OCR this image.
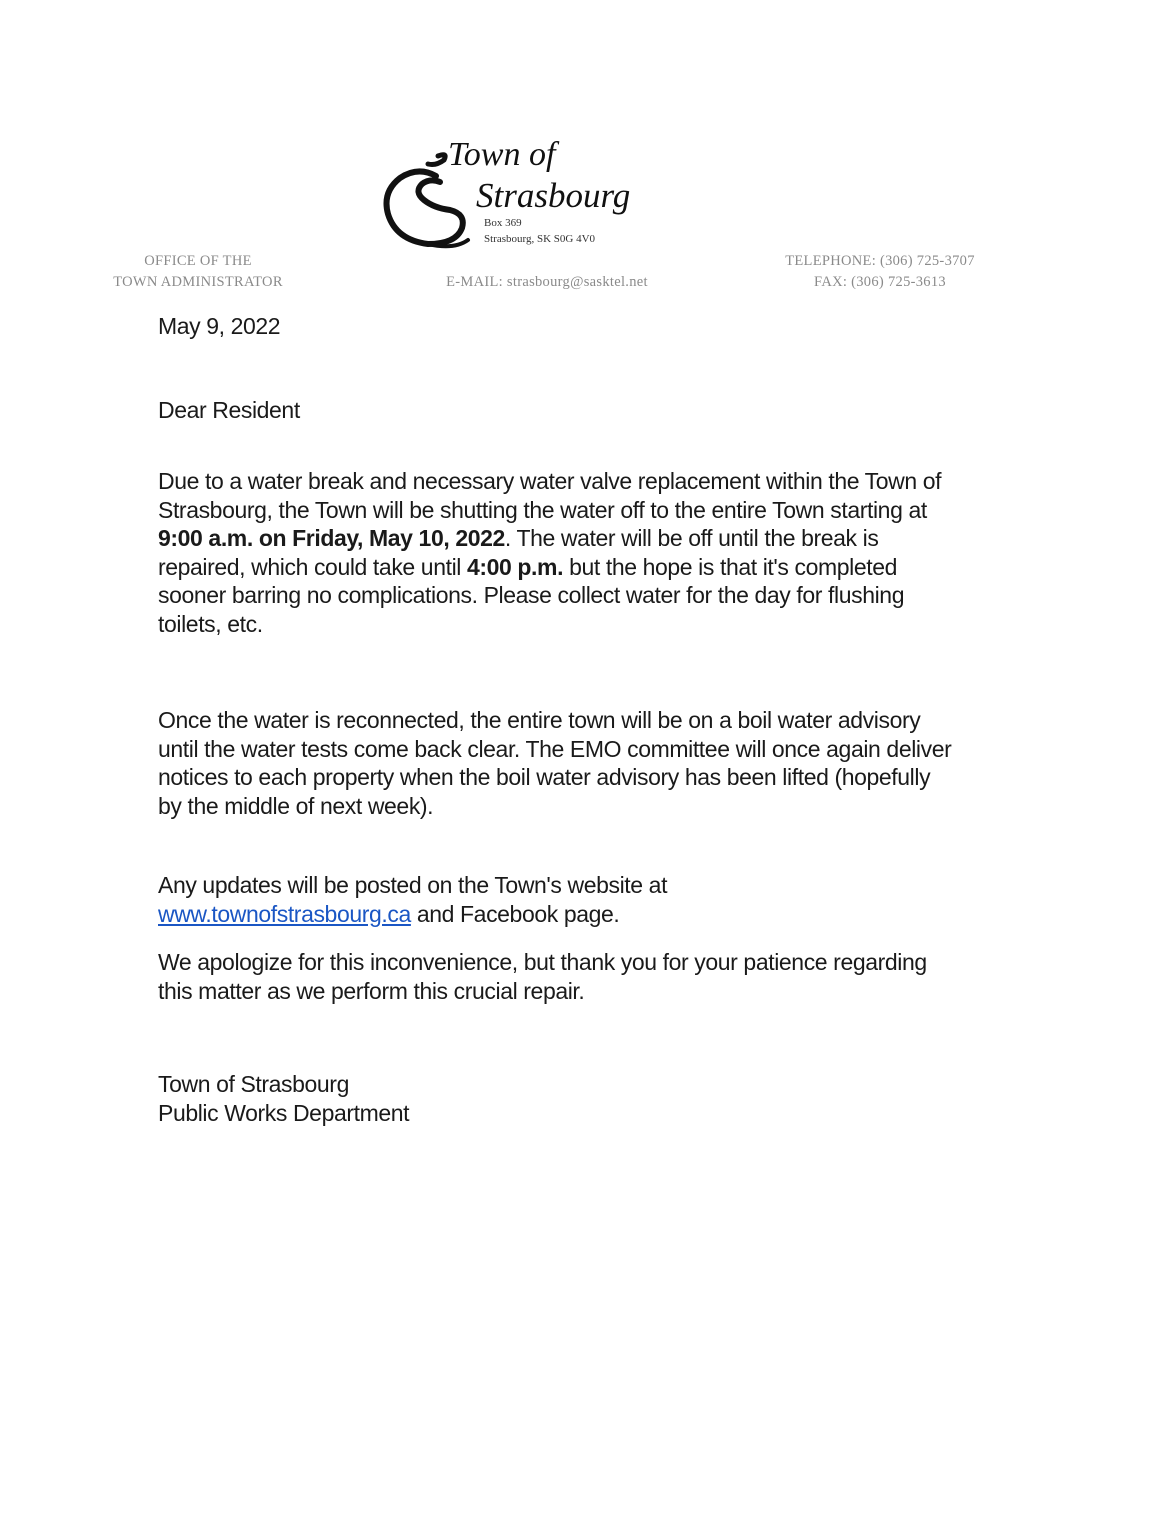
Town of
Strasbourg
Box 369
Strasbourg, SK S0G 4V0
OFFICE OF THE
TOWN ADMINISTRATOR	E-MAIL: strasbourg@sasktel.net
TELEPHONE: (306) 725-3707
FAX: (306) 725-3613
May 9, 2022
Dear Resident

Due to a water break and necessary water valve replacement within the Town of Strasbourg, the Town will be shutting the water off to the entire Town starting at 9:00 a.m. on Friday, May 10, 2022. The water will be off until the break is repaired, which could take until 4:00 p.m. but the hope is that it's completed sooner barring no complications. Please collect water for the day for flushing toilets, etc.

Once the water is reconnected, the entire town will be on a boil water advisory until the water tests come back clear. The EMO committee will once again deliver notices to each property when the boil water advisory has been lifted (hopefully by the middle of next week).

Any updates will be posted on the Town's website at
www.townofstrasbourg.ca and Facebook page.

We apologize for this inconvenience, but thank you for your patience regarding this matter as we perform this crucial repair.

Town of Strasbourg
Public Works Department
